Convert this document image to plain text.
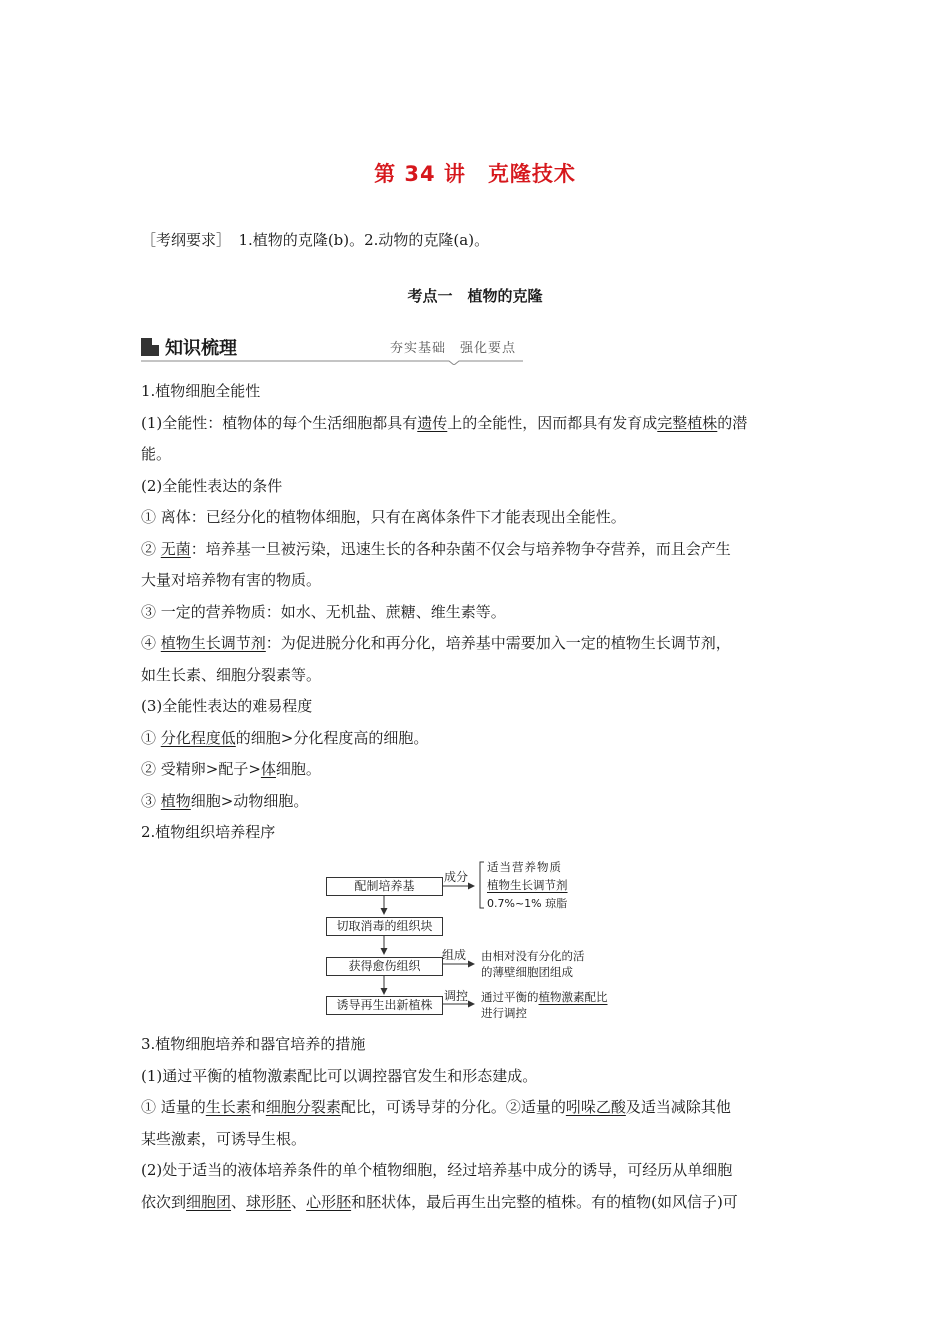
第 34 讲　克隆技术
［考纲要求］　1.植物的克隆(b)。2.动物的克隆(a)。
考点一　植物的克隆
知识梳理	夯实基础　强化要点
1.植物细胞全能性
(1)全能性：植物体的每个生活细胞都具有遗传上的全能性，因而都具有发育成完整植株的潜
能。
(2)全能性表达的条件
① 离体：已经分化的植物体细胞，只有在离体条件下才能表现出全能性。
② 无菌：培养基一旦被污染，迅速生长的各种杂菌不仅会与培养物争夺营养，而且会产生
大量对培养物有害的物质。
③ 一定的营养物质：如水、无机盐、蔗糖、维生素等。
④ 植物生长调节剂：为促进脱分化和再分化，培养基中需要加入一定的植物生长调节剂，
如生长素、细胞分裂素等。
(3)全能性表达的难易程度
① 分化程度低的细胞>分化程度高的细胞。
② 受精卵>配子>体细胞。
③ 植物细胞>动物细胞。
2.植物组织培养程序
配制培养基
切取消毒的组织块
获得愈伤组织
诱导再生出新植株
成分
组成
调控
适当营养物质
植物生长调节剂
0.7%~1% 琼脂
由相对没有分化的活
的薄壁细胞团组成
通过平衡的植物激素配比
进行调控
3.植物细胞培养和器官培养的措施
(1)通过平衡的植物激素配比可以调控器官发生和形态建成。
① 适量的生长素和细胞分裂素配比，可诱导芽的分化。②适量的吲哚乙酸及适当减除其他
某些激素，可诱导生根。
(2)处于适当的液体培养条件的单个植物细胞，经过培养基中成分的诱导，可经历从单细胞
依次到细胞团、球形胚、心形胚和胚状体，最后再生出完整的植株。有的植物(如风信子)可
